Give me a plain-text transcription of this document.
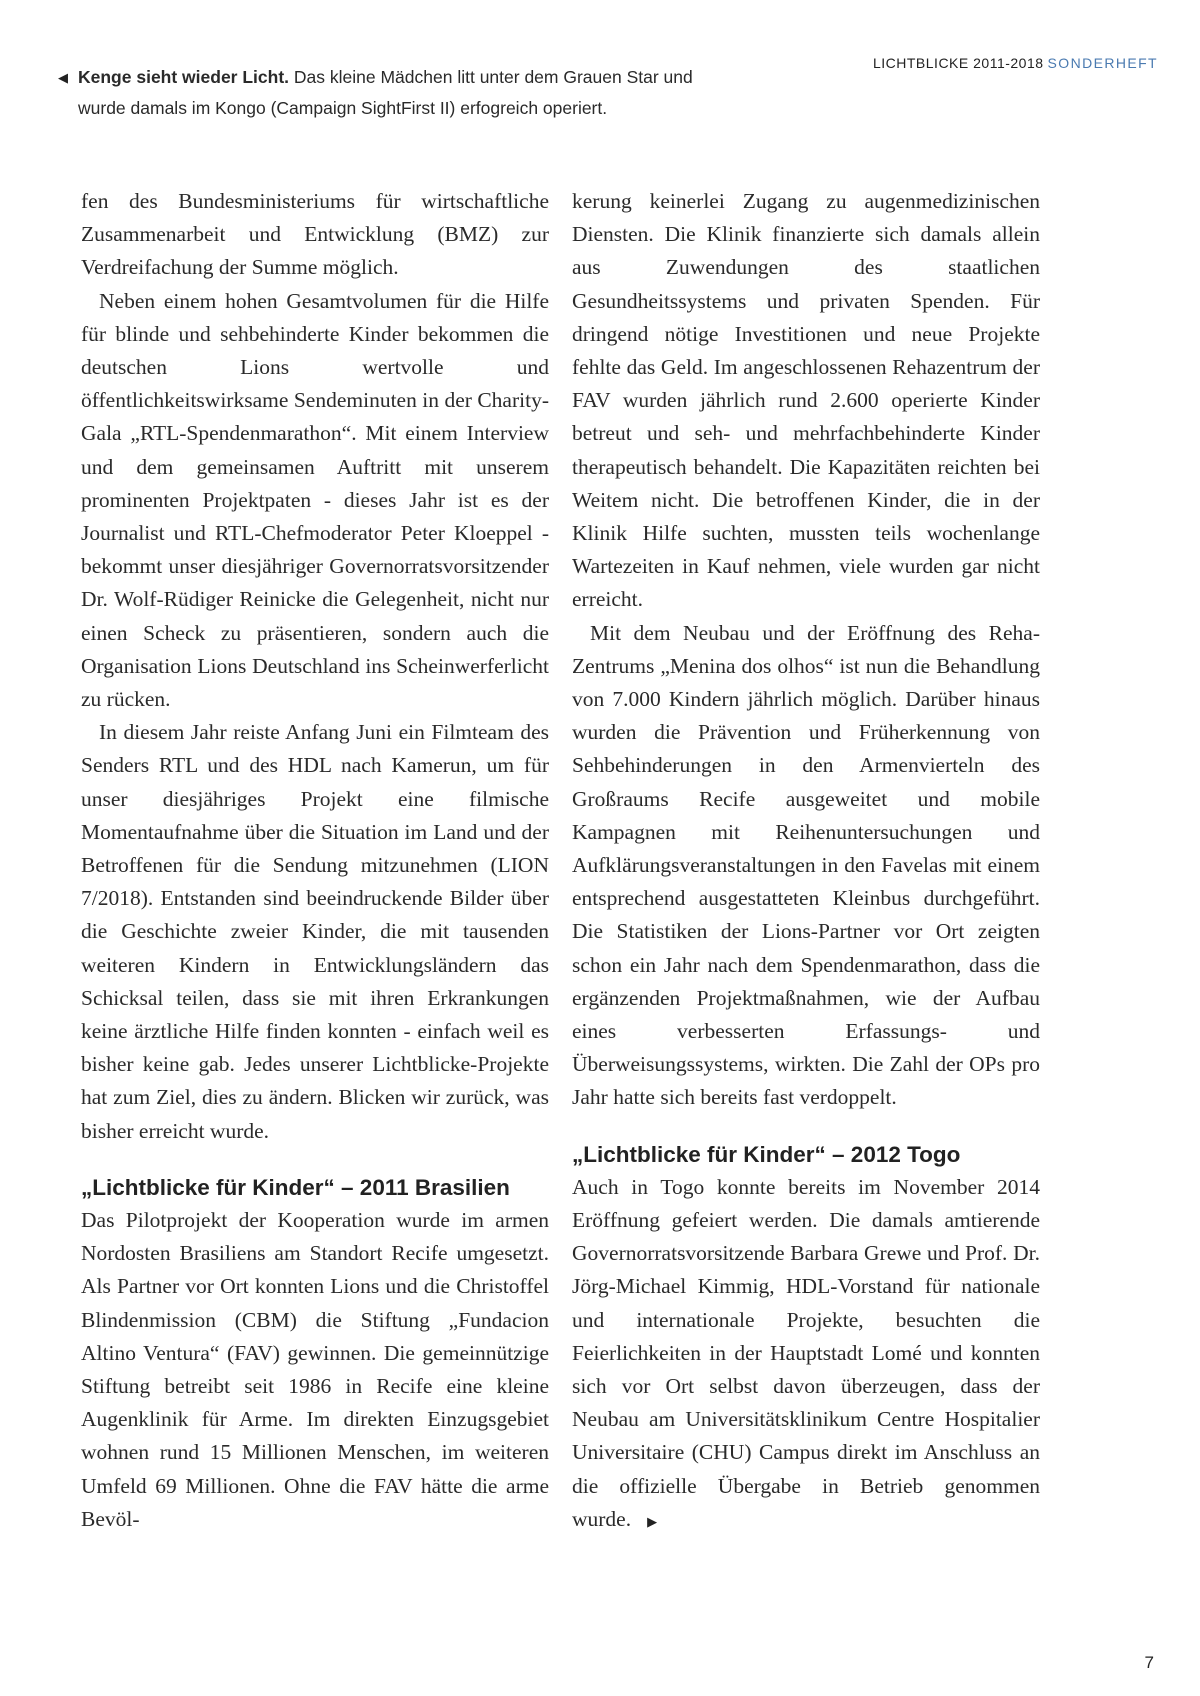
◀ Kenge sieht wieder Licht. Das kleine Mädchen litt unter dem Grauen Star und
wurde damals im Kongo (Campaign SightFirst II) erfogreich operiert.
LICHTBLICKE 2011-2018 SONDERHEFT

fen des Bundesministeriums für wirtschaftliche Zusammenarbeit und Entwicklung (BMZ) zur Verdreifachung der Summe möglich.

Neben einem hohen Gesamtvolumen für die Hilfe für blinde und sehbehinderte Kinder bekommen die deutschen Lions wertvolle und öffentlichkeitswirksame Sendeminuten in der Charity-Gala „RTL-Spendenmarathon“. Mit einem Interview und dem gemeinsamen Auftritt mit unserem prominenten Projektpaten - dieses Jahr ist es der Journalist und RTL-Chefmoderator Peter Kloeppel - bekommt unser diesjähriger Governorratsvorsitzender Dr. Wolf-Rüdiger Reinicke die Gelegenheit, nicht nur einen Scheck zu präsentieren, sondern auch die Organisation Lions Deutschland ins Scheinwerferlicht zu rücken.

In diesem Jahr reiste Anfang Juni ein Filmteam des Senders RTL und des HDL nach Kamerun, um für unser diesjähriges Projekt eine filmische Momentaufnahme über die Situation im Land und der Betroffenen für die Sendung mitzunehmen (LION 7/2018). Entstanden sind beeindruckende Bilder über die Geschichte zweier Kinder, die mit tausenden weiteren Kindern in Entwicklungsländern das Schicksal teilen, dass sie mit ihren Erkrankungen keine ärztliche Hilfe finden konnten - einfach weil es bisher keine gab. Jedes unserer Lichtblicke-Projekte hat zum Ziel, dies zu ändern. Blicken wir zurück, was bisher erreicht wurde.

„Lichtblicke für Kinder“ – 2011 Brasilien

Das Pilotprojekt der Kooperation wurde im armen Nordosten Brasiliens am Standort Recife umgesetzt. Als Partner vor Ort konnten Lions und die Christoffel Blindenmission (CBM) die Stiftung „Fundacion Altino Ventura“ (FAV) gewinnen. Die gemeinnützige Stiftung betreibt seit 1986 in Recife eine kleine Augenklinik für Arme. Im direkten Einzugsgebiet wohnen rund 15 Millionen Menschen, im weiteren Umfeld 69 Millionen. Ohne die FAV hätte die arme Bevöl-

kerung keinerlei Zugang zu augenmedizinischen Diensten. Die Klinik finanzierte sich damals allein aus Zuwendungen des staatlichen Gesundheitssystems und privaten Spenden. Für dringend nötige Investitionen und neue Projekte fehlte das Geld. Im angeschlossenen Rehazentrum der FAV wurden jährlich rund 2.600 operierte Kinder betreut und seh- und mehrfachbehinderte Kinder therapeutisch behandelt. Die Kapazitäten reichten bei Weitem nicht. Die betroffenen Kinder, die in der Klinik Hilfe suchten, mussten teils wochenlange Wartezeiten in Kauf nehmen, viele wurden gar nicht erreicht.

Mit dem Neubau und der Eröffnung des Reha-Zentrums „Menina dos olhos“ ist nun die Behandlung von 7.000 Kindern jährlich möglich. Darüber hinaus wurden die Prävention und Früherkennung von Sehbehinderungen in den Armenvierteln des Großraums Recife ausgeweitet und mobile Kampagnen mit Reihenuntersuchungen und Aufklärungsveranstaltungen in den Favelas mit einem entsprechend ausgestatteten Kleinbus durchgeführt. Die Statistiken der Lions-Partner vor Ort zeigten schon ein Jahr nach dem Spendenmarathon, dass die ergänzenden Projektmaßnahmen, wie der Aufbau eines verbesserten Erfassungs- und Überweisungssystems, wirkten. Die Zahl der OPs pro Jahr hatte sich bereits fast verdoppelt.

„Lichtblicke für Kinder“ – 2012 Togo

Auch in Togo konnte bereits im November 2014 Eröffnung gefeiert werden. Die damals amtierende Governorratsvorsitzende Barbara Grewe und Prof. Dr. Jörg-Michael Kimmig, HDL-Vorstand für nationale und internationale Projekte, besuchten die Feierlichkeiten in der Hauptstadt Lomé und konnten sich vor Ort selbst davon überzeugen, dass der Neubau am Universitätsklinikum Centre Hospitalier Universitaire (CHU) Campus direkt im Anschluss an die offizielle Übergabe in Betrieb genommen wurde. ▶

7
